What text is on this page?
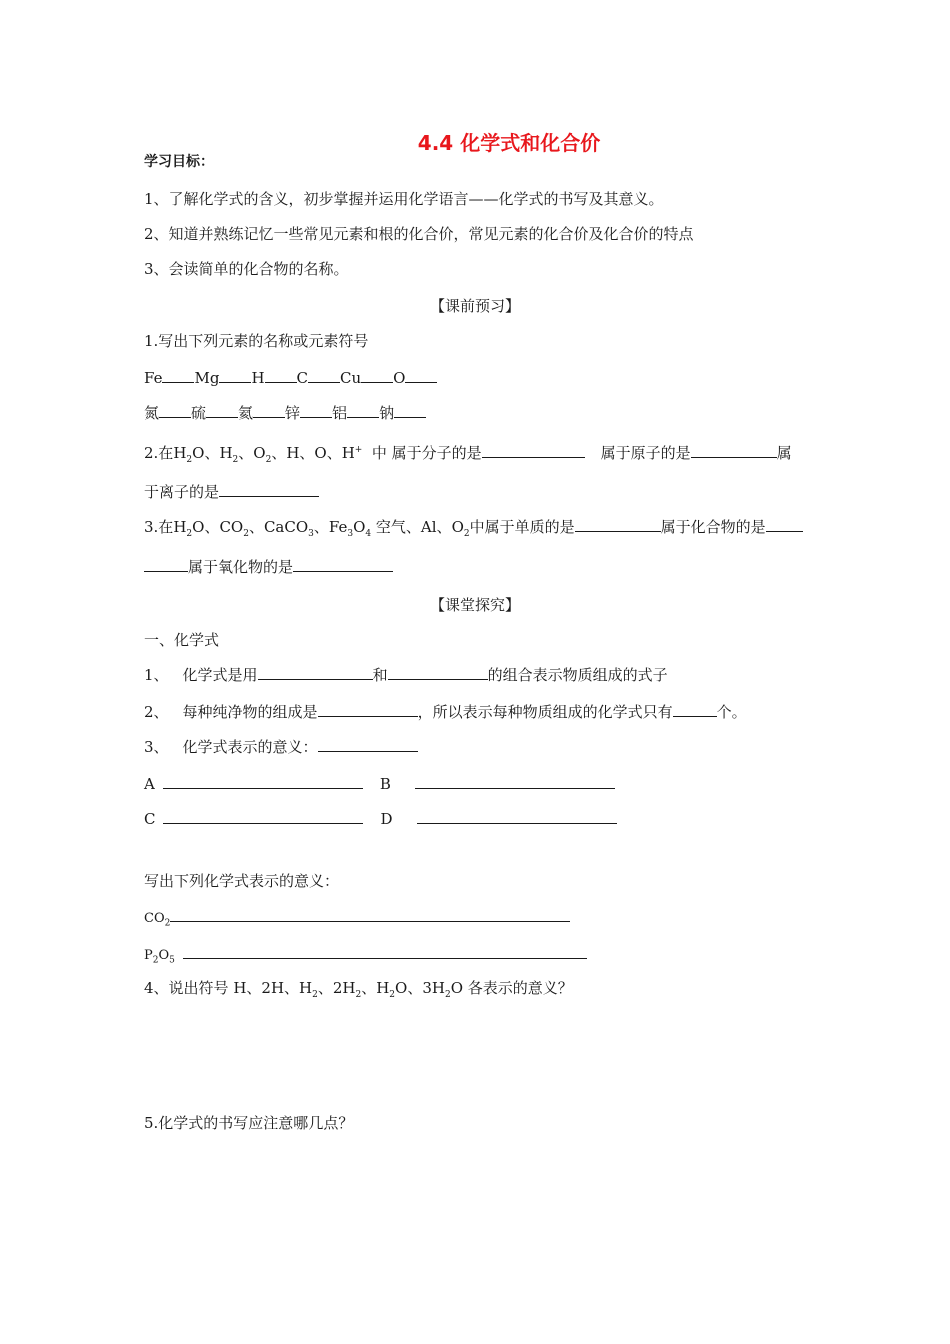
4.4 化学式和化合价
学习目标：
1、了解化学式的含义，初步掌握并运用化学语言——化学式的书写及其意义。
2、知道并熟练记忆一些常见元素和根的化合价，常见元素的化合价及化合价的特点
3、会读简单的化合物的名称。
【课前预习】
1.写出下列元素的名称或元素符号
Fe Mg H C Cu O
氮 硫 氦 锌 铝 钠
2.在$H_2O$、$H_2$、$O_2$、H、O、H+ 中 属于分子的是	属于原子的是	属
于离子的是
3.在$H_2O$、$CO_2$、CaCO$_3$、$Fe_3O_4$ 空气、Al、$O_2$中属于单质的是	属于化合物的是
属于氧化物的是
【课堂探究】
一、化学式
1、 化学式是用	和	的组合表示物质组成的式子
2、 每种纯净物的组成是	，所以表示每种物质组成的化学式只有	个。
3、 化学式表示的意义：
A	B
C	D
写出下列化学式表示的意义：
$CO_2$
$P_2O_5$
4、说出符号 H、2H、$H_2$、$2H_2$、$H_2O$、$3H_2O$ 各表示的意义？
5.化学式的书写应注意哪几点？
